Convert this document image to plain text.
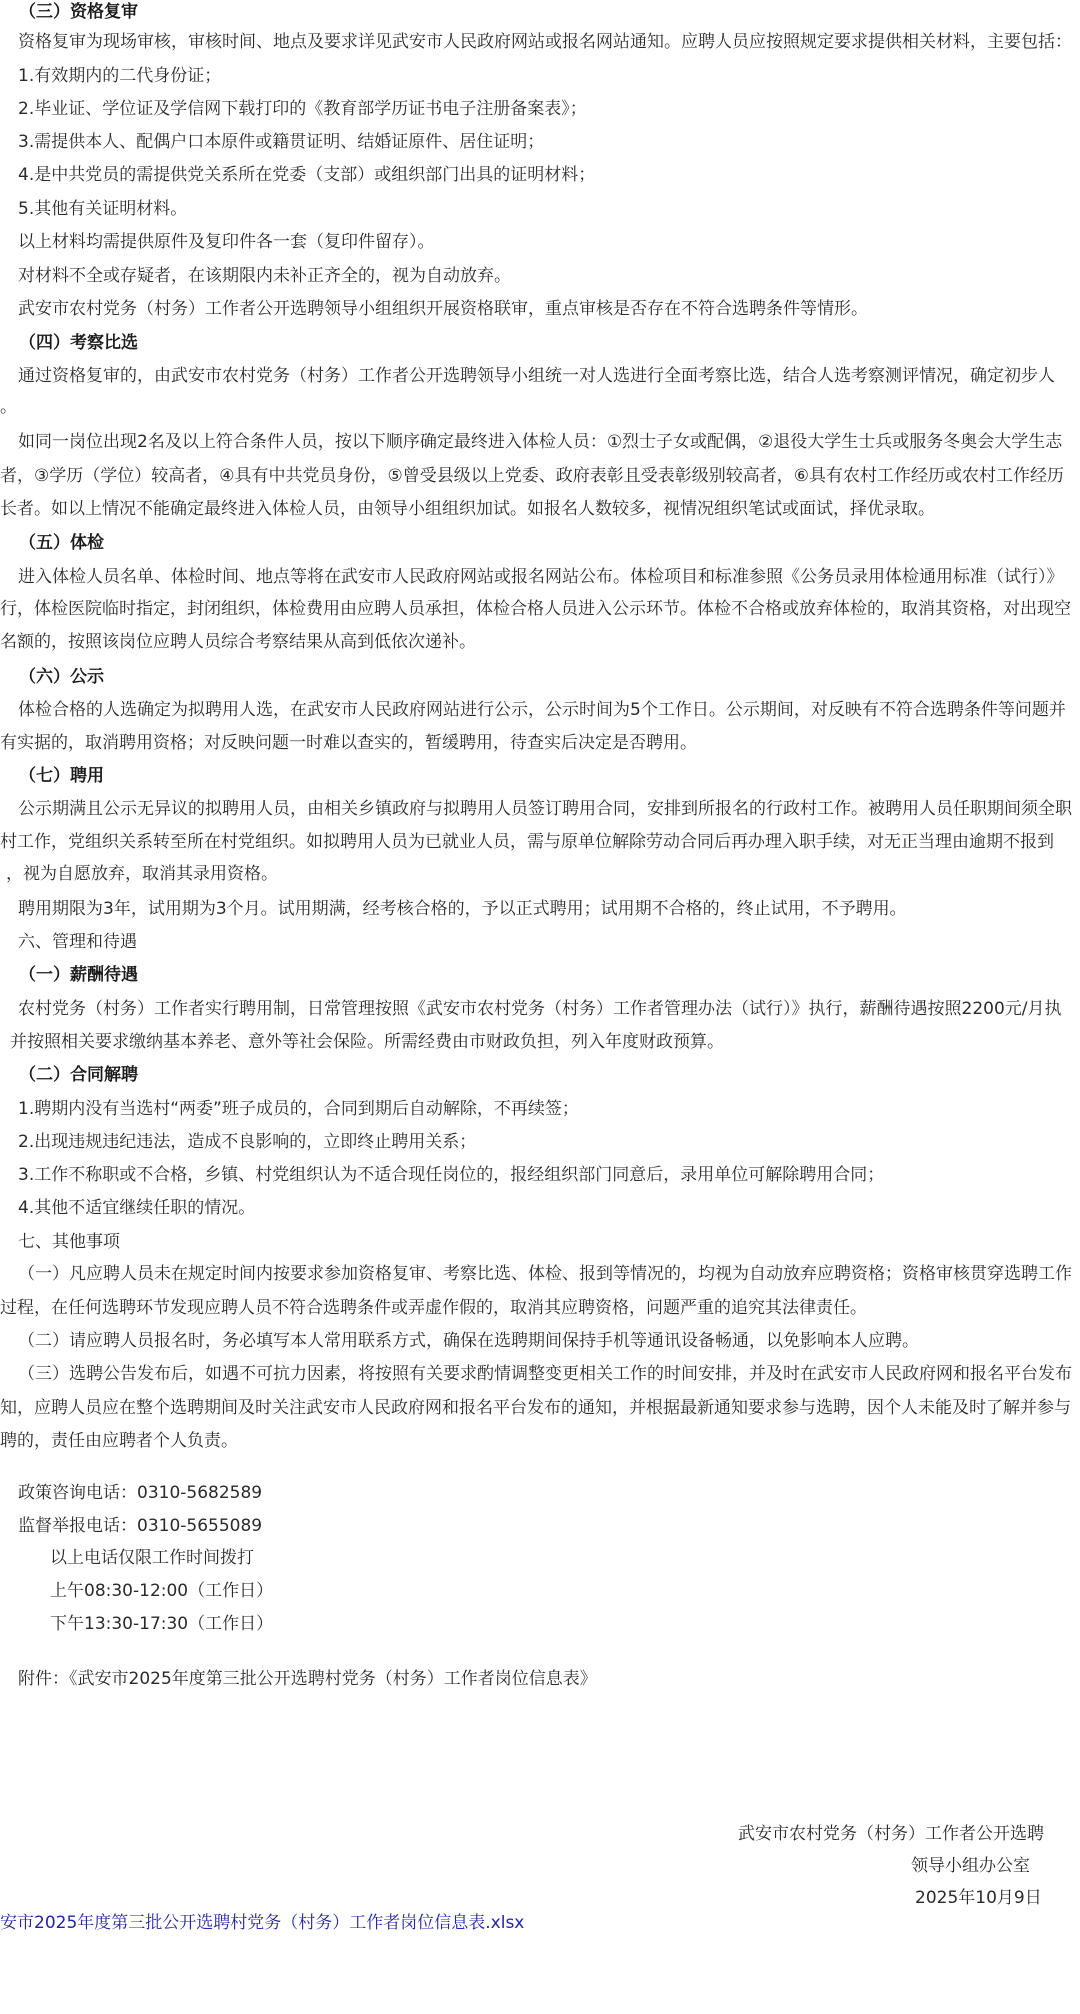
（三）资格复审
资格复审为现场审核，审核时间、地点及要求详见武安市人民政府网站或报名网站通知。应聘人员应按照规定要求提供相关材料，主要包括：
1.有效期内的二代身份证；
2.毕业证、学位证及学信网下载打印的《教育部学历证书电子注册备案表》；
3.需提供本人、配偶户口本原件或籍贯证明、结婚证原件、居住证明；
4.是中共党员的需提供党关系所在党委（支部）或组织部门出具的证明材料；
5.其他有关证明材料。
以上材料均需提供原件及复印件各一套（复印件留存）。
对材料不全或存疑者，在该期限内未补正齐全的，视为自动放弃。
武安市农村党务（村务）工作者公开选聘领导小组组织开展资格联审，重点审核是否存在不符合选聘条件等情形。
（四）考察比选
通过资格复审的，由武安市农村党务（村务）工作者公开选聘领导小组统一对人选进行全面考察比选，结合人选考察测评情况，确定初步人
。
如同一岗位出现2名及以上符合条件人员，按以下顺序确定最终进入体检人员：①烈士子女或配偶，②退役大学生士兵或服务冬奥会大学生志
者，③学历（学位）较高者，④具有中共党员身份，⑤曾受县级以上党委、政府表彰且受表彰级别较高者，⑥具有农村工作经历或农村工作经历
长者。如以上情况不能确定最终进入体检人员，由领导小组组织加试。如报名人数较多，视情况组织笔试或面试，择优录取。
（五）体检
进入体检人员名单、体检时间、地点等将在武安市人民政府网站或报名网站公布。体检项目和标准参照《公务员录用体检通用标准（试行）》
行，体检医院临时指定，封闭组织，体检费用由应聘人员承担，体检合格人员进入公示环节。体检不合格或放弃体检的，取消其资格，对出现空
名额的，按照该岗位应聘人员综合考察结果从高到低依次递补。
（六）公示
体检合格的人选确定为拟聘用人选，在武安市人民政府网站进行公示，公示时间为5个工作日。公示期间，对反映有不符合选聘条件等问题并
有实据的，取消聘用资格；对反映问题一时难以查实的，暂缓聘用，待查实后决定是否聘用。
（七）聘用
公示期满且公示无异议的拟聘用人员，由相关乡镇政府与拟聘用人员签订聘用合同，安排到所报名的行政村工作。被聘用人员任职期间须全职
村工作，党组织关系转至所在村党组织。如拟聘用人员为已就业人员，需与原单位解除劳动合同后再办理入职手续，对无正当理由逾期不报到
，视为自愿放弃，取消其录用资格。
聘用期限为3年，试用期为3个月。试用期满，经考核合格的，予以正式聘用；试用期不合格的，终止试用，不予聘用。
六、管理和待遇
（一）薪酬待遇
农村党务（村务）工作者实行聘用制，日常管理按照《武安市农村党务（村务）工作者管理办法（试行）》执行，薪酬待遇按照2200元/月执
并按照相关要求缴纳基本养老、意外等社会保险。所需经费由市财政负担，列入年度财政预算。
（二）合同解聘
1.聘期内没有当选村“两委”班子成员的，合同到期后自动解除，不再续签；
2.出现违规违纪违法，造成不良影响的，立即终止聘用关系；
3.工作不称职或不合格，乡镇、村党组织认为不适合现任岗位的，报经组织部门同意后，录用单位可解除聘用合同；
4.其他不适宜继续任职的情况。
七、其他事项
（一）凡应聘人员未在规定时间内按要求参加资格复审、考察比选、体检、报到等情况的，均视为自动放弃应聘资格；资格审核贯穿选聘工作
过程，在任何选聘环节发现应聘人员不符合选聘条件或弄虚作假的，取消其应聘资格，问题严重的追究其法律责任。
（二）请应聘人员报名时，务必填写本人常用联系方式，确保在选聘期间保持手机等通讯设备畅通，以免影响本人应聘。
（三）选聘公告发布后，如遇不可抗力因素，将按照有关要求酌情调整变更相关工作的时间安排，并及时在武安市人民政府网和报名平台发布
知，应聘人员应在整个选聘期间及时关注武安市人民政府网和报名平台发布的通知，并根据最新通知要求参与选聘，因个人未能及时了解并参与
聘的，责任由应聘者个人负责。
政策咨询电话：0310-5682589
监督举报电话：0310-5655089
以上电话仅限工作时间拨打
上午08:30-12:00（工作日）
下午13:30-17:30（工作日）
附件：《武安市2025年度第三批公开选聘村党务（村务）工作者岗位信息表》
武安市农村党务（村务）工作者公开选聘
领导小组办公室
2025年10月9日
安市2025年度第三批公开选聘村党务（村务）工作者岗位信息表.xlsx
